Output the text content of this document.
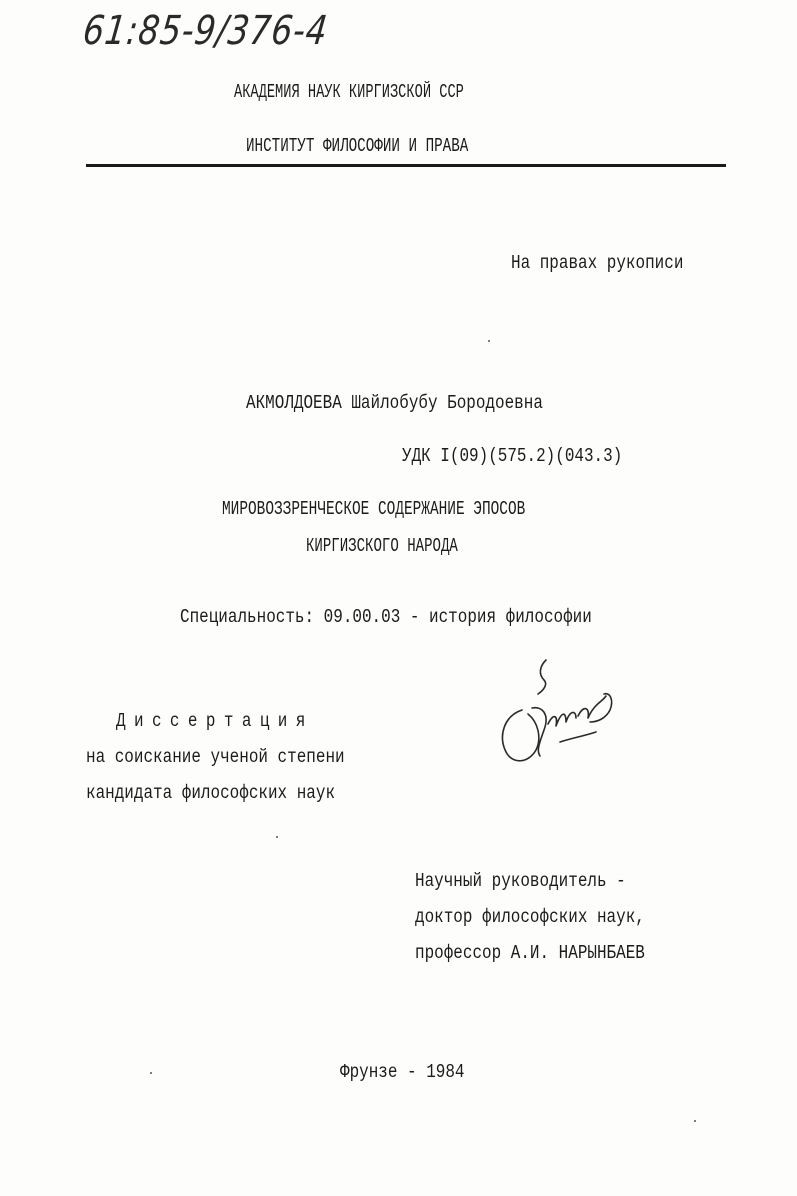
61:85-9/376-4
АКАДЕМИЯ НАУК КИРГИЗСКОЙ ССР
ИНСТИТУТ ФИЛОСОФИИ И ПРАВА
На правах рукописи
АКМОЛДОЕВА Шайлобубу Бородоевна
УДК I(09)(575.2)(043.3)
МИРОВОЗЗРЕНЧЕСКОЕ СОДЕРЖАНИЕ ЭПОСОВ
КИРГИЗСКОГО НАРОДА
Специальность: 09.00.03 - история философии
Диссертация
на соискание ученой степени
кандидата философских наук
Научный руководитель -
доктор философских наук,
профессор А.И. НАРЫНБАЕВ
Фрунзе - 1984
